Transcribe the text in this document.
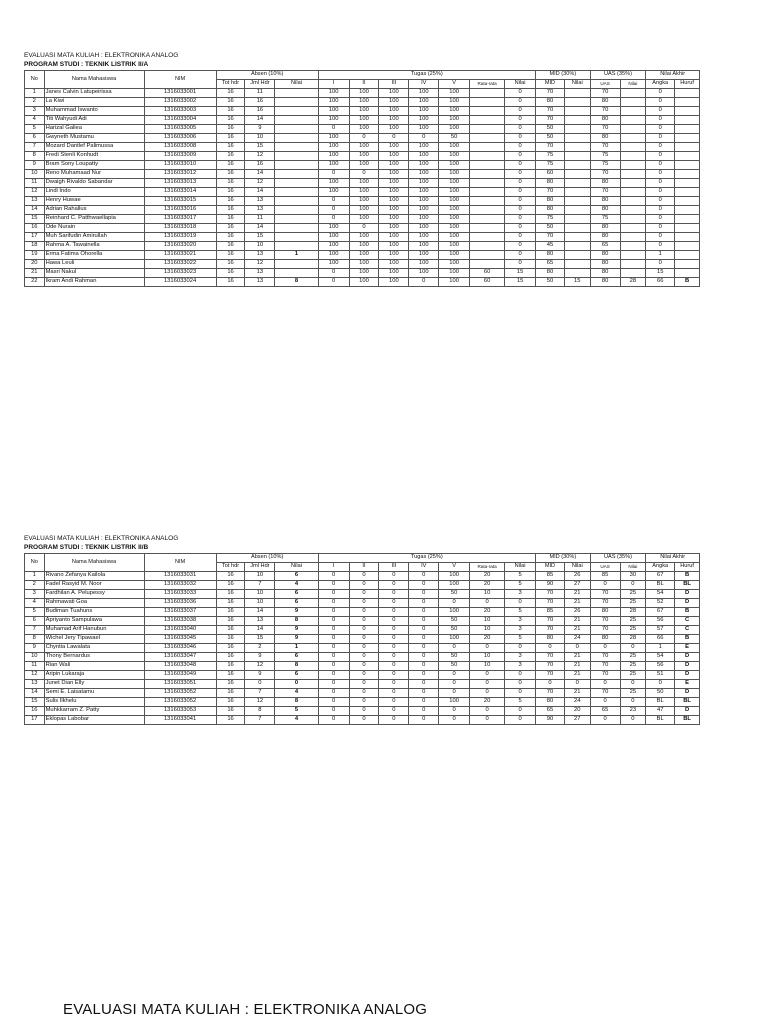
EVALUASI MATA KULIAH : ELEKTRONIKA ANALOG
PROGRAM STUDI : TEKNIK LISTRIK II/A
No	Nama Mahasiswa	NIM	Absen (10%)			Tugas (25%)							MID (30%)		UAS (35%)		Nilai Akhir	
			Tot hdr	Jml Hdr	Nilai	I	II	III	IV	V	Rata-rata	Nilai	MID	Nilai	UAS	Nilai	Angka	Huruf
1	Janes Calvin Latupeirissa	1316033001	16	11		100	100	100	100	100		0	70		70		0	
2	La Kiwi	1316033002	16	16		100	100	100	100	100		0	80		80		0	
3	Muhammad Iswanto	1316033003	16	16		100	100	100	100	100		0	70		70		0	
4	Titi Wahyudi Adi	1316033004	16	14		100	100	100	100	100		0	70		80		0	
5	Harizal Galiea	1316033005	16	9		0	100	100	100	100		0	50		70		0	
6	Gwyneth Mustamu	1316033006	16	10		100	0	0	0	50		0	50		80		0	
7	Mozard Dantlef Palimussa	1316033008	16	15		100	100	100	100	100		0	70		70		0	
8	Fredi Stenli Konhudt	1316033009	16	12		100	100	100	100	100		0	75		75		0	
9	Bram Sony Loupatty	1316033010	16	16		100	100	100	100	100		0	75		75		0	
10	Reno Muhamaad Nur	1316033012	16	14		0	0	100	100	100		0	60		70		0	
11	Dwaigh Rivaldo Sabandar	1316033013	16	12		100	100	100	100	100		0	80		80		0	
12	Lindi Indo	1316033014	16	14		100	100	100	100	100		0	70		70		0	
13	Henry Huwae	1316033015	16	13		0	100	100	100	100		0	80		80		0	
14	Adrian Rahallus	1316033016	16	13		0	100	100	100	100		0	80		80		0	
15	Reinhard C. Patthwaellapia	1316033017	16	11		0	100	100	100	100		0	75		75		0	
16	Ode Nurain	1316033018	16	14		100	0	100	100	100		0	50		80		0	
17	Muh Sarifudin Amirullah	1316033019	16	15		100	100	100	100	100		0	70		80		0	
18	Rahma A. Tawainella	1316033020	16	10		100	100	100	100	100		0	45		65		0	
19	Erma Fatima Ohorella	1316033021	16	13	1	100	100	100	100	100		0	80		80		1	
20	Hawa Leuli	1316033022	16	12		100	100	100	100	100		0	65		80		0	
21	Masri Nakul	1316033023	16	13		0	100	100	100	100	60	15	80		80		15	
22	Ikram Andi Rahman	1316033024	16	13	8	0	100	100	0	100	60	15	50	15	80	28	66	B
EVALUASI MATA KULIAH : ELEKTRONIKA ANALOG
PROGRAM STUDI : TEKNIK LISTRIK II/B
No	Nama Mahasiswa	NIM	Absen (10%)			Tugas (25%)							MID (30%)		UAS (35%)		Nilai Akhir	
			Tot hdr	Jml Hdr	Nilai	I	II	III	IV	V	Rata-rata	Nilai	MID	Nilai	UAS	Nilai	Angka	Huruf
1	Rivano Zefanya Kailola	1316033031	16	10	6	0	0	0	0	100	20	5	85	26	85	30	67	B
2	Fadel Rasyid M. Noor	1316033032	16	7	4	0	0	0	0	100	20	5	90	27	0	0	BL	BL
3	Fardhilan A. Pelupessy	1316033033	16	10	6	0	0	0	0	50	10	3	70	21	70	25	54	D
4	Rahmawati Goa	1316033036	16	10	6	0	0	0	0	0	0	0	70	21	70	25	52	D
5	Budiman Tuahuns	1316033037	16	14	9	0	0	0	0	100	20	5	85	26	80	28	67	B
6	Apriyanto Sampulawa	1316033038	16	13	8	0	0	0	0	50	10	3	70	21	70	25	56	C
7	Muhamad Arif Hanubun	1316033040	16	14	9	0	0	0	0	50	10	3	70	21	70	25	57	C
8	Wichel Jery Tipawael	1316033045	16	15	9	0	0	0	0	100	20	5	80	24	80	28	66	B
9	Chyntia Lawalata	1316033046	16	2	1	0	0	0	0	0	0	0	0	0	0	0	1	E
10	Thony Bernardus	1316033047	16	9	6	0	0	0	0	50	10	3	70	21	70	25	54	D
11	Rian Wali	1316033048	16	12	8	0	0	0	0	50	10	3	70	21	70	25	56	D
12	Aripin Lukaraja	1316033049	16	9	6	0	0	0	0	0	0	0	70	21	70	25	51	D
13	Junet Dian Elly	1316033051	16	0	0	0	0	0	0	0	0	0	0	0	0	0	0	E
14	Semi E. Laisatamu	1316033052	16	7	4	0	0	0	0	0	0	0	70	21	70	25	50	D
15	Sulis Ilkhelu	1316033052	16	12	8	0	0	0	0	100	20	5	80	24	0	0	BL	BL
16	Muhkkarram Z. Patty	1316033053	16	8	5	0	0	0	0	0	0	0	65	20	65	23	47	D
17	Eklopas Labobar	1316033041	16	7	4	0	0	0	0	0	0	0	90	27	0	0	BL	BL
EVALUASI MATA KULIAH : ELEKTRONIKA ANALOG
